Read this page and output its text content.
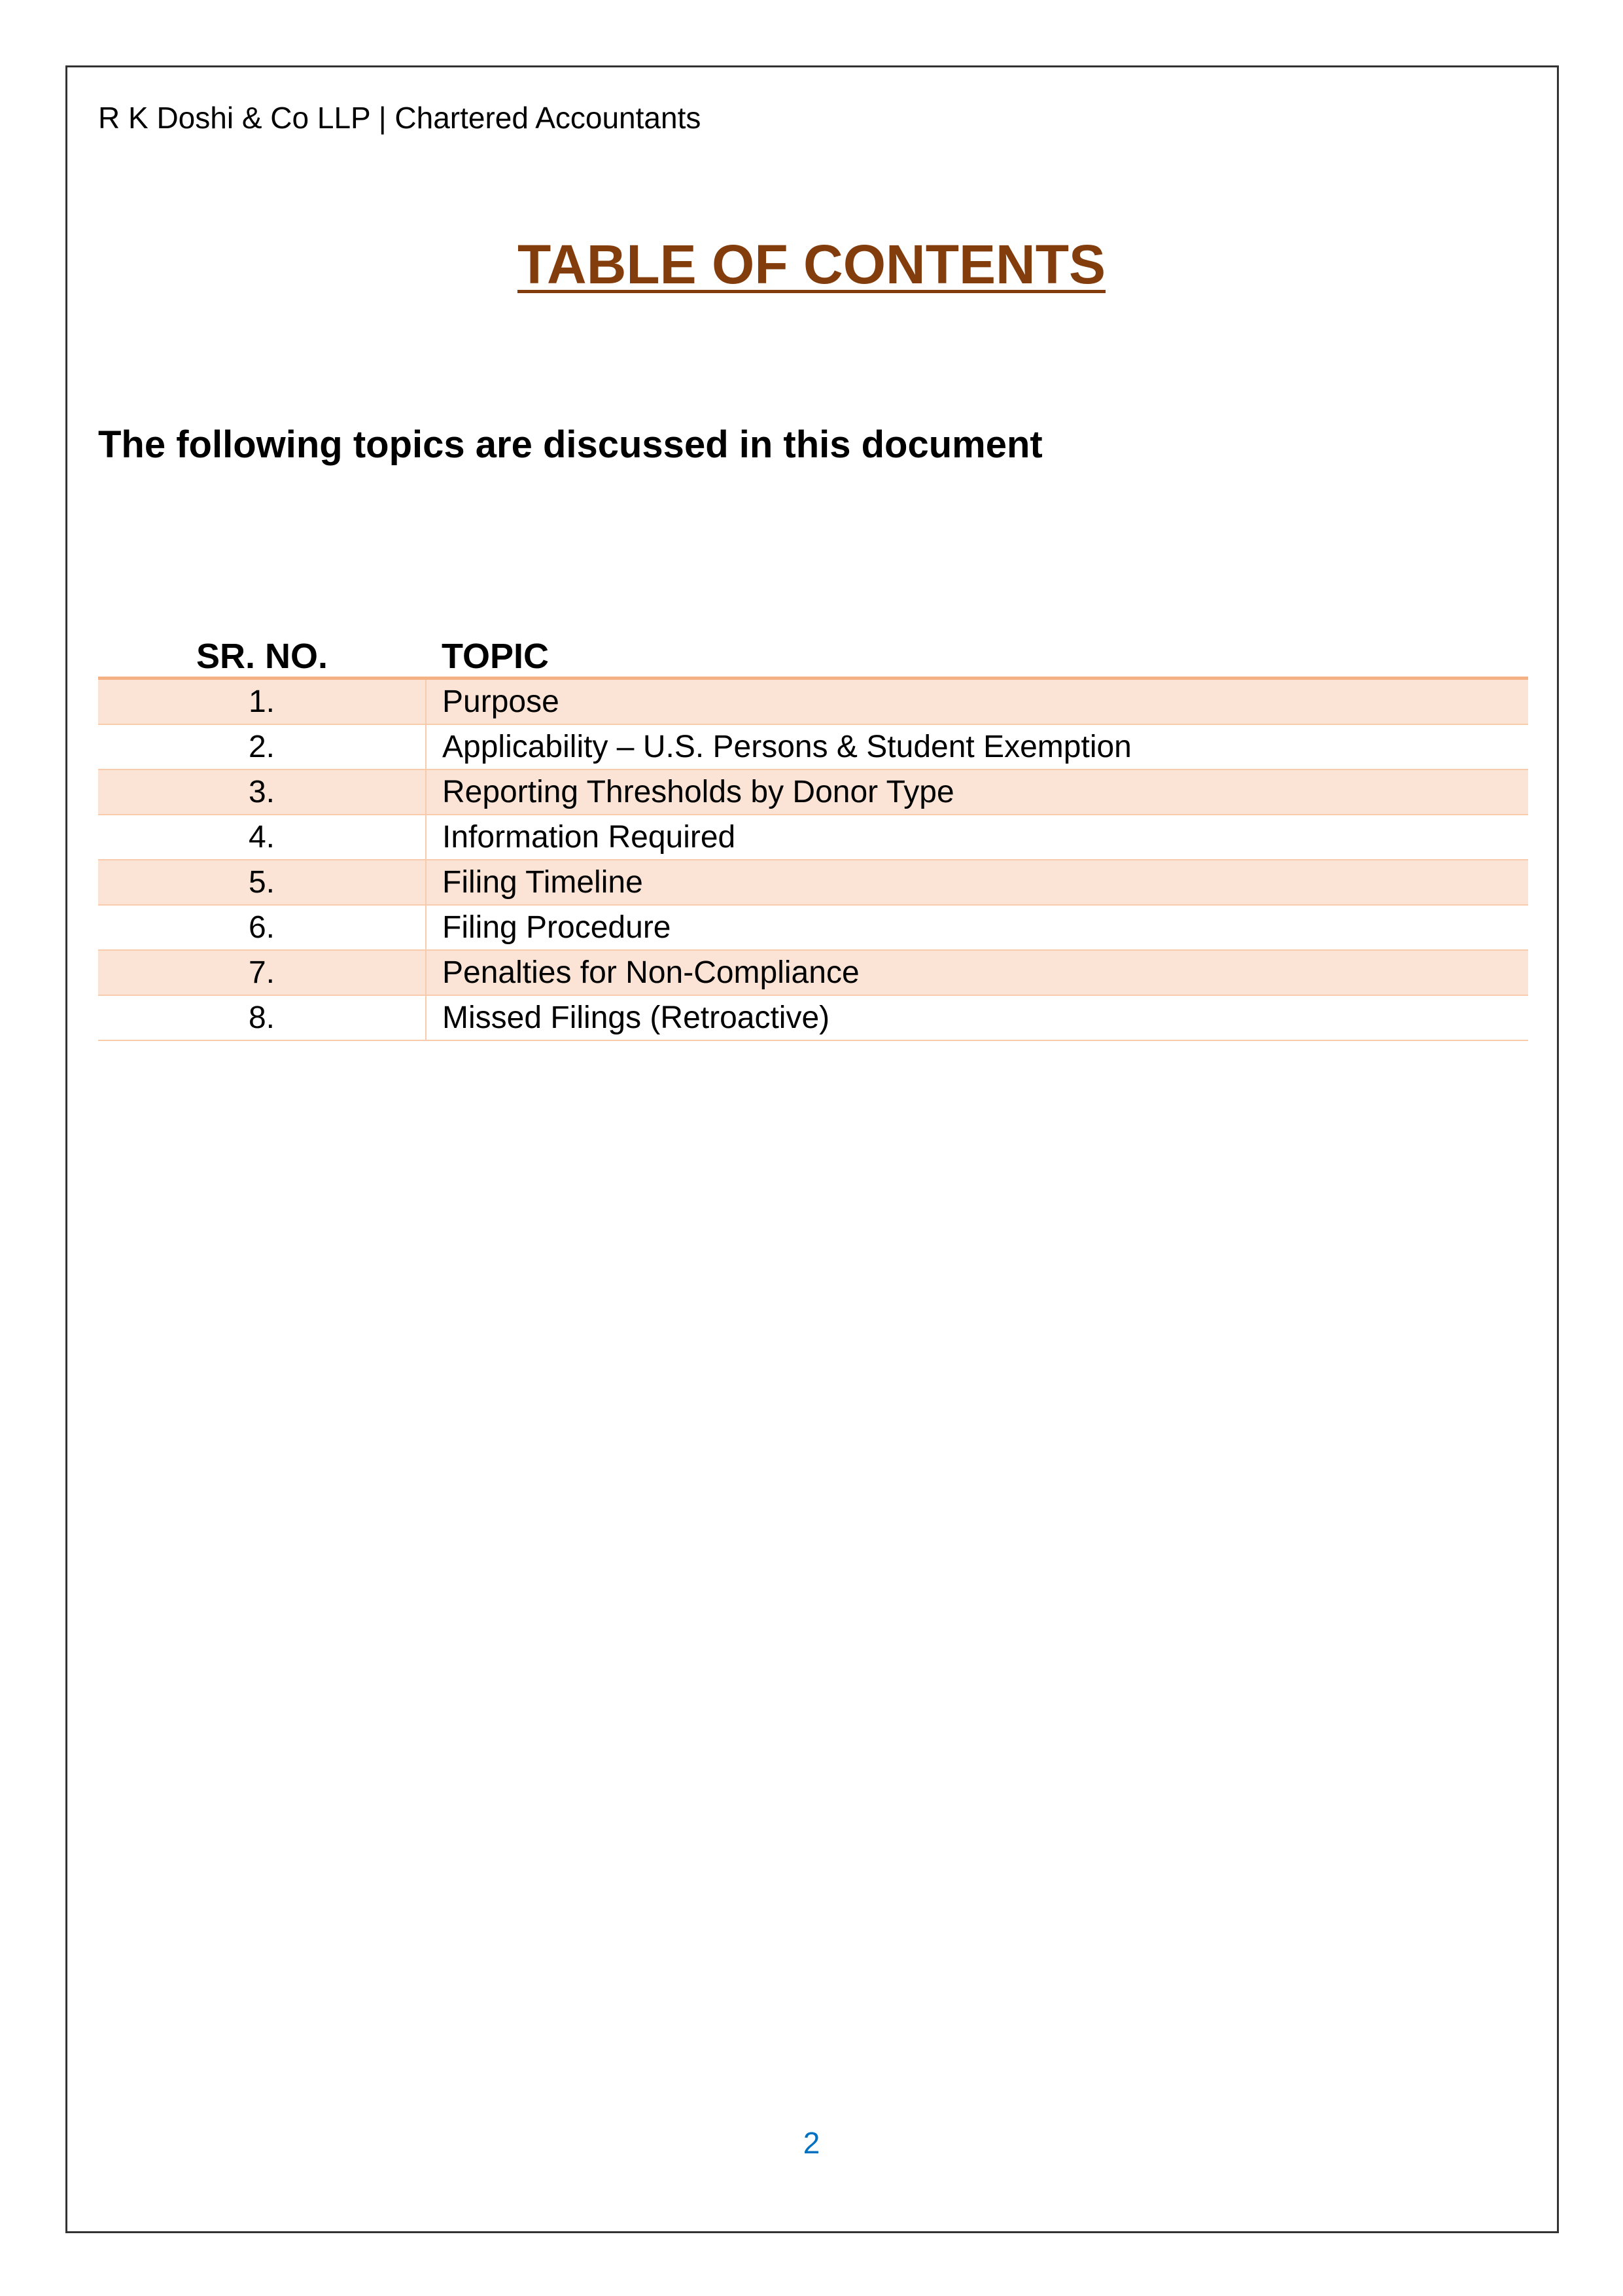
R K Doshi & Co LLP | Chartered Accountants
TABLE OF CONTENTS
The following topics are discussed in this document
SR. NO.	TOPIC
1.	Purpose
2.	Applicability – U.S. Persons & Student Exemption
3.	Reporting Thresholds by Donor Type
4.	Information Required
5.	Filing Timeline
6.	Filing Procedure
7.	Penalties for Non-Compliance
8.	Missed Filings (Retroactive)
2
